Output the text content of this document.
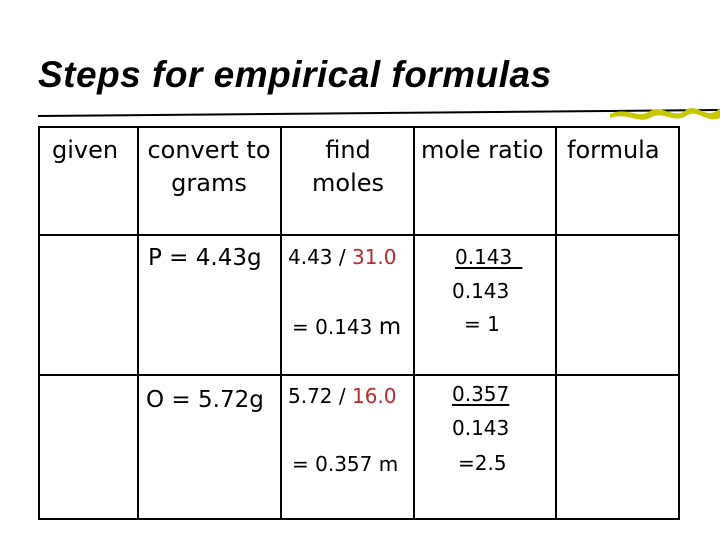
Steps for empirical formulas
given convert to
grams
find
moles
mole ratio formula
P = 4.43g 4.43 / 31.0
= 0.143 m
0.143_
0.143
= 1
O = 5.72g 5.72 / 16.0
= 0.357 m
0.357
0.143
=2.5
